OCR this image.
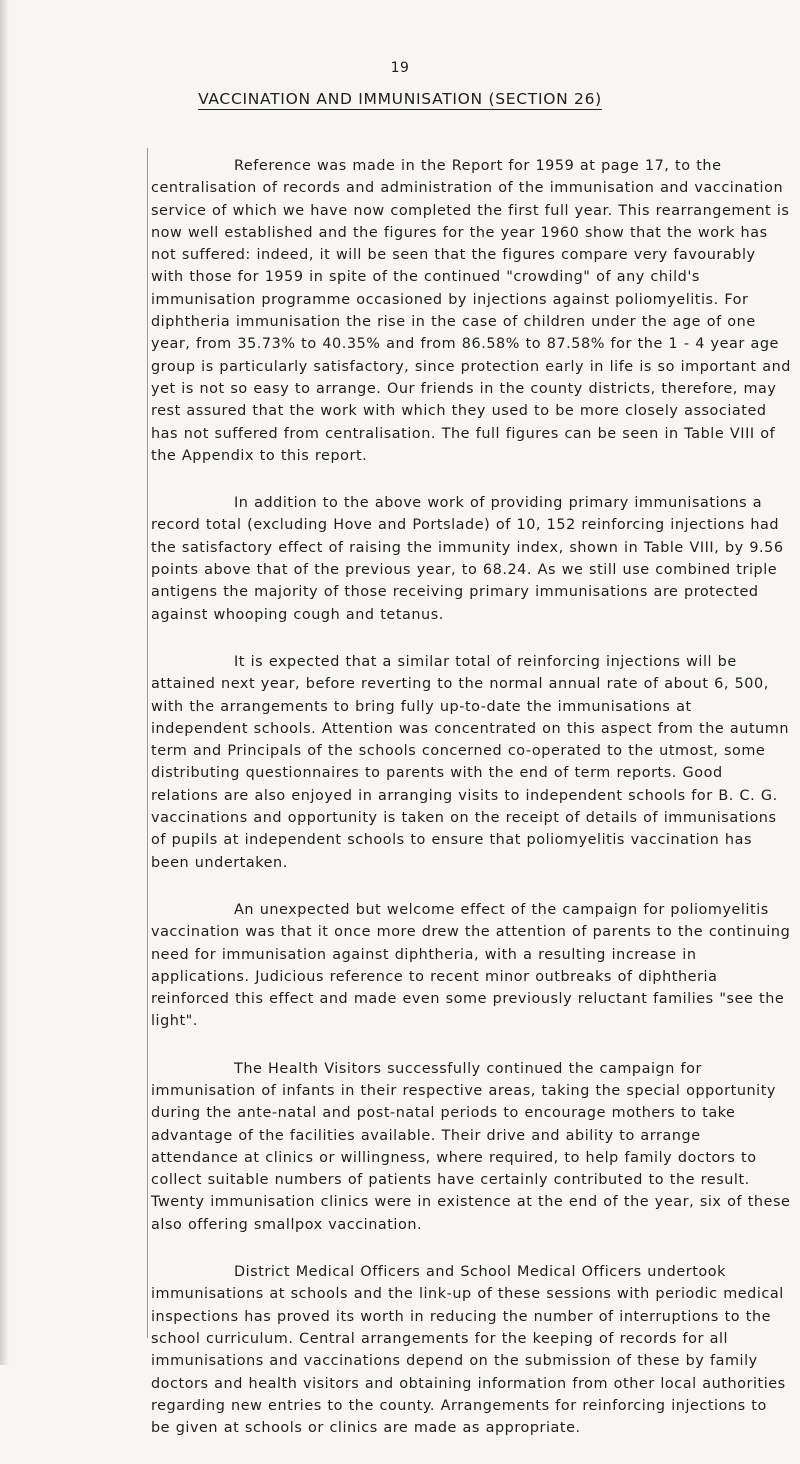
19
VACCINATION AND IMMUNISATION (SECTION 26)

Reference was made in the Report for 1959 at page 17, to the centralisation of records and administration of the immunisation and vaccination service of which we have now completed the first full year. This rearrangement is now well established and the figures for the year 1960 show that the work has not suffered: indeed, it will be seen that the figures compare very favourably with those for 1959 in spite of the continued "crowding" of any child's immunisation programme occasioned by injections against poliomyelitis. For diphtheria immunisation the rise in the case of children under the age of one year, from 35.73% to 40.35% and from 86.58% to 87.58% for the 1 - 4 year age group is particularly satisfactory, since protection early in life is so important and yet is not so easy to arrange. Our friends in the county districts, therefore, may rest assured that the work with which they used to be more closely associated has not suffered from centralisation. The full figures can be seen in Table VIII of the Appendix to this report.

In addition to the above work of providing primary immunisations a record total (excluding Hove and Portslade) of 10, 152 reinforcing injections had the satisfactory effect of raising the immunity index, shown in Table VIII, by 9.56 points above that of the previous year, to 68.24. As we still use combined triple antigens the majority of those receiving primary immunisations are protected against whooping cough and tetanus.

It is expected that a similar total of reinforcing injections will be attained next year, before reverting to the normal annual rate of about 6, 500, with the arrangements to bring fully up-to-date the immunisations at independent schools. Attention was concentrated on this aspect from the autumn term and Principals of the schools concerned co-operated to the utmost, some distributing questionnaires to parents with the end of term reports. Good relations are also enjoyed in arranging visits to independent schools for B. C. G. vaccinations and opportunity is taken on the receipt of details of immunisations of pupils at independent schools to ensure that poliomyelitis vaccination has been undertaken.

An unexpected but welcome effect of the campaign for poliomyelitis vaccination was that it once more drew the attention of parents to the continuing need for immunisation against diphtheria, with a resulting increase in applications. Judicious reference to recent minor outbreaks of diphtheria reinforced this effect and made even some previously reluctant families "see the light".

The Health Visitors successfully continued the campaign for immunisation of infants in their respective areas, taking the special opportunity during the ante-natal and post-natal periods to encourage mothers to take advantage of the facilities available. Their drive and ability to arrange attendance at clinics or willingness, where required, to help family doctors to collect suitable numbers of patients have certainly contributed to the result. Twenty immunisation clinics were in existence at the end of the year, six of these also offering smallpox vaccination.

District Medical Officers and School Medical Officers undertook immunisations at schools and the link-up of these sessions with periodic medical inspections has proved its worth in reducing the number of interruptions to the school curriculum. Central arrangements for the keeping of records for all immunisations and vaccinations depend on the submission of these by family doctors and health visitors and obtaining information from other local authorities regarding new entries to the county. Arrangements for reinforcing injections to be given at schools or clinics are made as appropriate.
